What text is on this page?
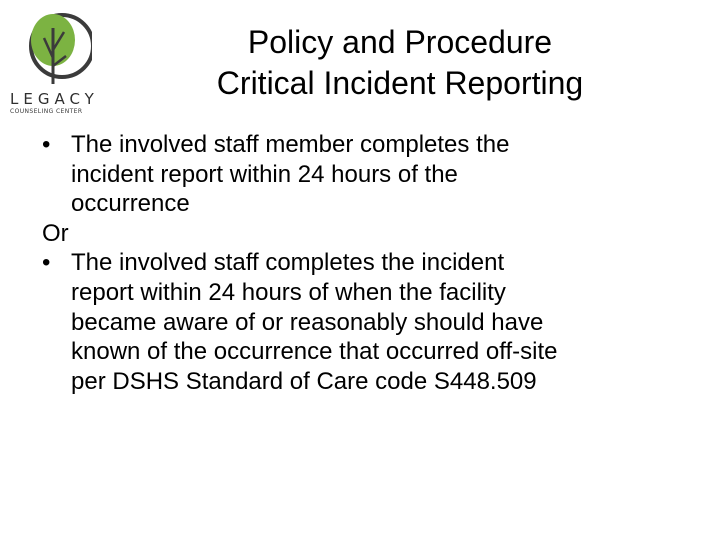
LEGACY
COUNSELING CENTER
Policy and Procedure
Critical Incident Reporting
• The involved staff member completes the
incident report within 24 hours of the
occurrence
Or
• The involved staff completes the incident
report within 24 hours of when the facility
became aware of or reasonably should have
known of the occurrence that occurred off-site
per DSHS Standard of Care code S448.509
